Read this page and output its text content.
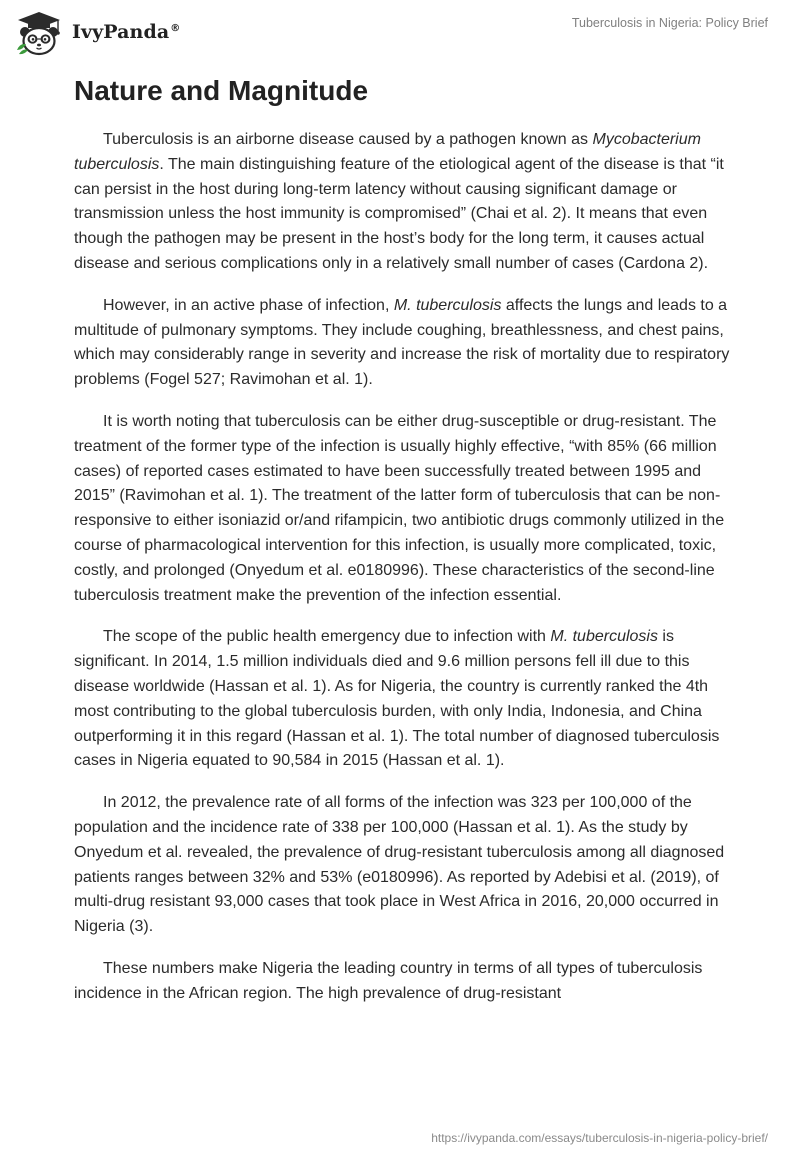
IvyPanda®	Tuberculosis in Nigeria: Policy Brief
Nature and Magnitude

Tuberculosis is an airborne disease caused by a pathogen known as Mycobacterium tuberculosis. The main distinguishing feature of the etiological agent of the disease is that “it can persist in the host during long-term latency without causing significant damage or transmission unless the host immunity is compromised” (Chai et al. 2). It means that even though the pathogen may be present in the host’s body for the long term, it causes actual disease and serious complications only in a relatively small number of cases (Cardona 2).

However, in an active phase of infection, M. tuberculosis affects the lungs and leads to a multitude of pulmonary symptoms. They include coughing, breathlessness, and chest pains, which may considerably range in severity and increase the risk of mortality due to respiratory problems (Fogel 527; Ravimohan et al. 1).

It is worth noting that tuberculosis can be either drug-susceptible or drug-resistant. The treatment of the former type of the infection is usually highly effective, “with 85% (66 million cases) of reported cases estimated to have been successfully treated between 1995 and 2015” (Ravimohan et al. 1). The treatment of the latter form of tuberculosis that can be non-responsive to either isoniazid or/and rifampicin, two antibiotic drugs commonly utilized in the course of pharmacological intervention for this infection, is usually more complicated, toxic, costly, and prolonged (Onyedum et al. e0180996). These characteristics of the second-line tuberculosis treatment make the prevention of the infection essential.

The scope of the public health emergency due to infection with M. tuberculosis is significant. In 2014, 1.5 million individuals died and 9.6 million persons fell ill due to this disease worldwide (Hassan et al. 1). As for Nigeria, the country is currently ranked the 4th most contributing to the global tuberculosis burden, with only India, Indonesia, and China outperforming it in this regard (Hassan et al. 1). The total number of diagnosed tuberculosis cases in Nigeria equated to 90,584 in 2015 (Hassan et al. 1).

In 2012, the prevalence rate of all forms of the infection was 323 per 100,000 of the population and the incidence rate of 338 per 100,000 (Hassan et al. 1). As the study by Onyedum et al. revealed, the prevalence of drug-resistant tuberculosis among all diagnosed patients ranges between 32% and 53% (e0180996). As reported by Adebisi et al. (2019), of multi-drug resistant 93,000 cases that took place in West Africa in 2016, 20,000 occurred in Nigeria (3).

These numbers make Nigeria the leading country in terms of all types of tuberculosis incidence in the African region. The high prevalence of drug-resistant

https://ivypanda.com/essays/tuberculosis-in-nigeria-policy-brief/
